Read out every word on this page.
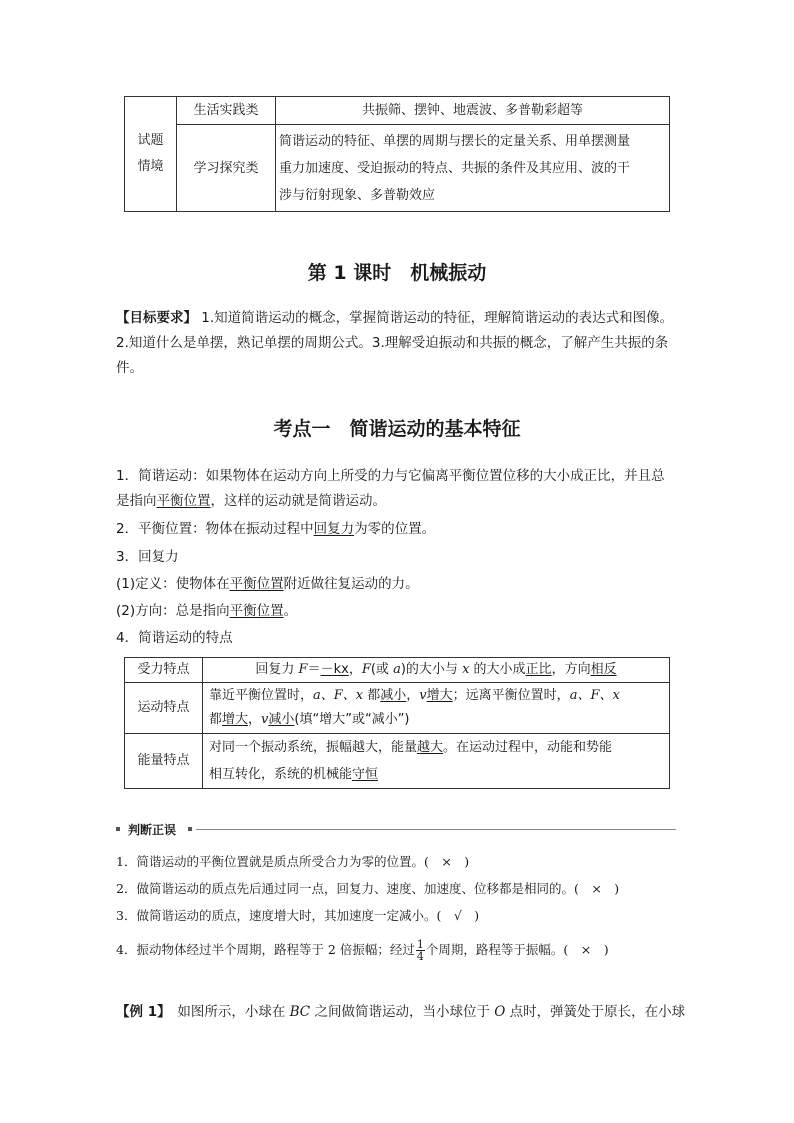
试题
情境	生活实践类	共振筛、摆钟、地震波、多普勒彩超等
	学习探究类	简谐运动的特征、单摆的周期与摆长的定量关系、用单摆测量
重力加速度、受迫振动的特点、共振的条件及其应用、波的干
涉与衍射现象、多普勒效应
第 1 课时　机械振动
【目标要求】 1.知道简谐运动的概念，掌握简谐运动的特征，理解简谐运动的表达式和图像。
2.知道什么是单摆，熟记单摆的周期公式。3.理解受迫振动和共振的概念，了解产生共振的条
件。
考点一　简谐运动的基本特征
1．简谐运动：如果物体在运动方向上所受的力与它偏离平衡位置位移的大小成正比，并且总
是指向平衡位置，这样的运动就是简谐运动。
2．平衡位置：物体在振动过程中回复力为零的位置。
3．回复力
(1)定义：使物体在平衡位置附近做往复运动的力。
(2)方向：总是指向平衡位置。
4．简谐运动的特点
受力特点	回复力 F＝－kx，F(或 a)的大小与 x 的大小成正比，方向相反
运动特点	靠近平衡位置时，a、F、x 都减小，v增大；远离平衡位置时，a、F、x
都增大，v减小(填“增大”或“减小”)
能量特点	对同一个振动系统，振幅越大，能量越大。在运动过程中，动能和势能
相互转化，系统的机械能守恒
判断正误
1．简谐运动的平衡位置就是质点所受合力为零的位置。(　×　)
2．做简谐运动的质点先后通过同一点，回复力、速度、加速度、位移都是相同的。(　×　)
3．做简谐运动的质点，速度增大时，其加速度一定减小。(　√　)
4．振动物体经过半个周期，路程等于 2 倍振幅；经过 $\frac{1}{4}$ 个周期，路程等于振幅。(　×　)
【例 1】　如图所示，小球在 BC 之间做简谐运动，当小球位于 O 点时，弹簧处于原长，在小球
